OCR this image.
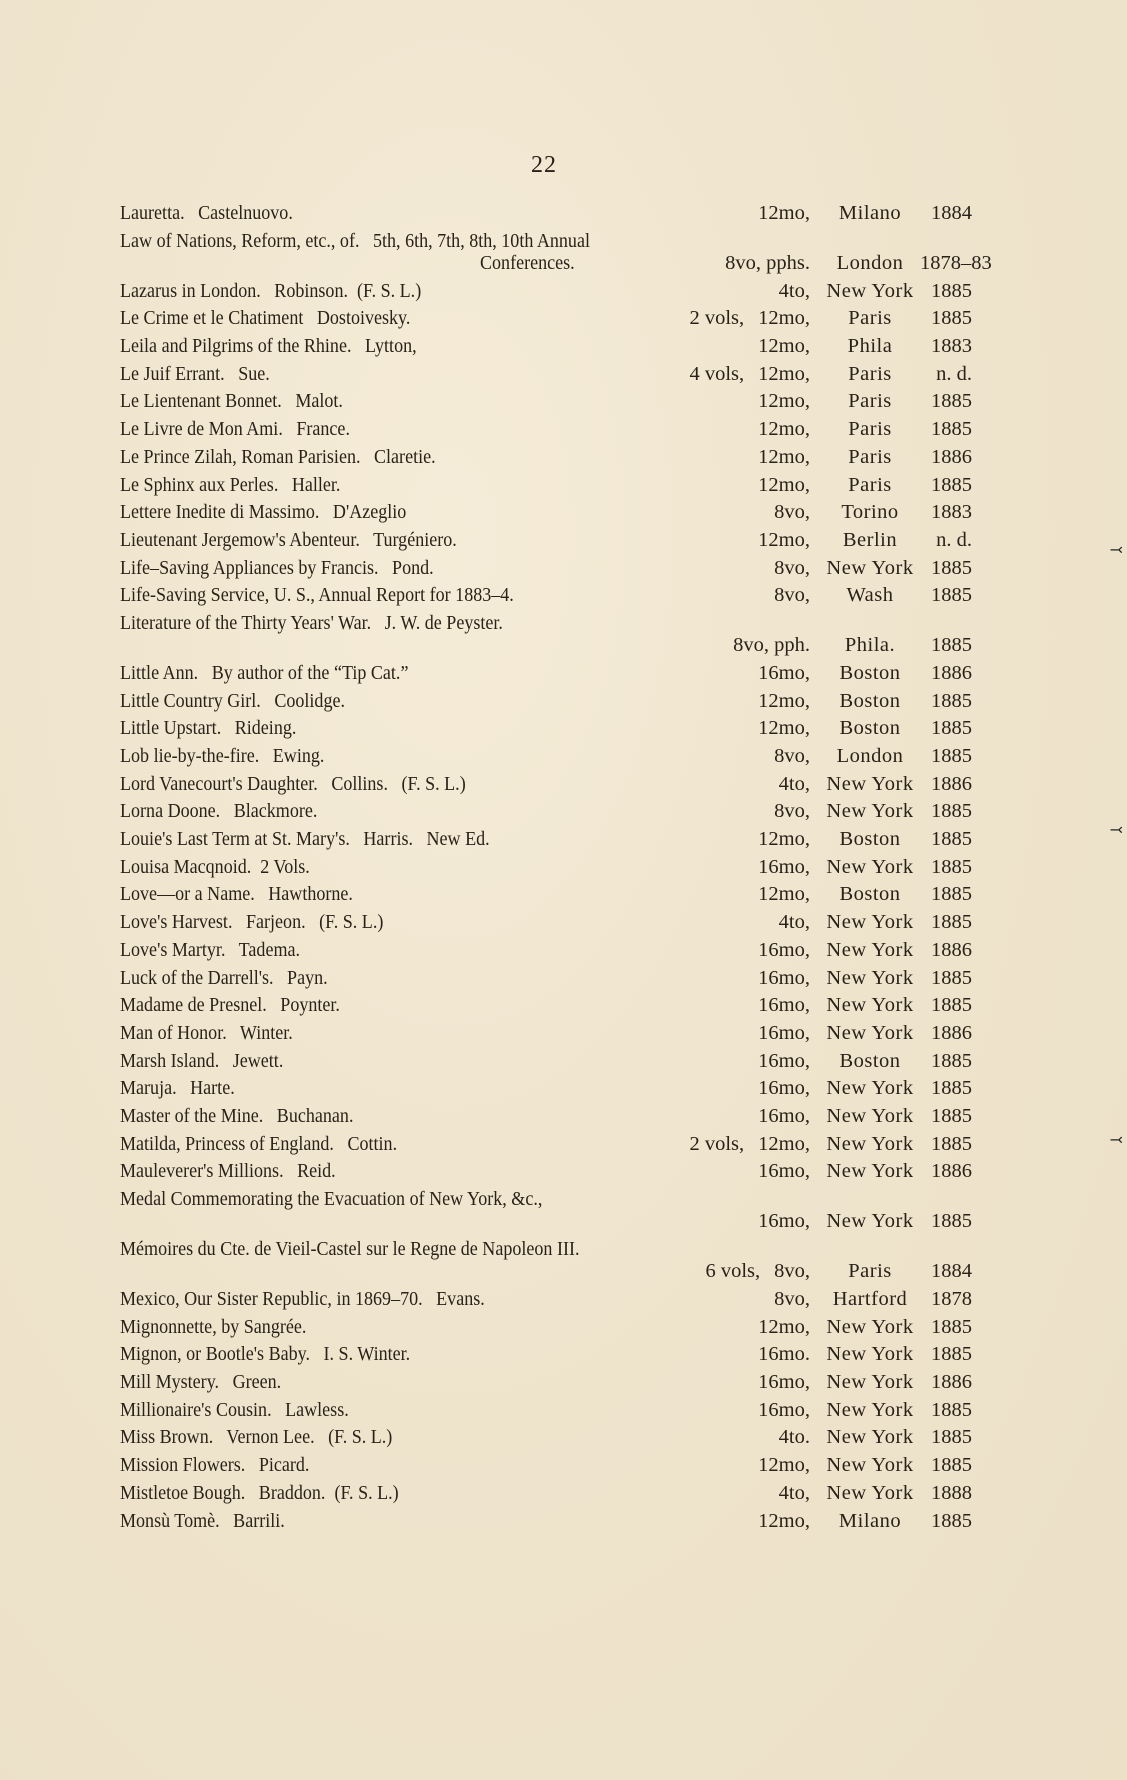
22
Lauretta.   Castelnuovo.	12mo,	Milano	1884
Law of Nations, Reform, etc., of.   5th, 6th, 7th, 8th, 10th Annual
Conferences.	8vo, pphs.	London 1878–83
Lazarus in London.   Robinson.  (F. S. L.)	4to, New York 1885
Le Crime et le Chatiment   Dostoivesky.	2 vols, 12mo,	Paris	1885
Leila and Pilgrims of the Rhine.   Lytton,	12mo,	Phila	1883
Le Juif Errant.   Sue.	4 vols, 12mo,	Paris	n. d.
Le Lientenant Bonnet.   Malot.	12mo,	Paris	1885
Le Livre de Mon Ami.   France.	12mo,	Paris	1885
Le Prince Zilah, Roman Parisien.   Claretie.	12mo,	Paris	1886
Le Sphinx aux Perles.   Haller.	12mo,	Paris	1885
Lettere Inedite di Massimo.   D'Azeglio	8vo,	Torino	1883
Lieutenant Jergemow's Abenteur.   Turgéniero.	12mo,	Berlin	n. d.
Life–Saving Appliances by Francis.   Pond.	8vo, New York 1885
Life-Saving Service, U. S., Annual Report for 1883–4.	8vo,	Wash	1885
Literature of the Thirty Years' War.   J. W. de Peyster.
8vo, pph.	Phila.	1885
Little Ann.   By author of the “Tip Cat.”	16mo,	Boston	1886
Little Country Girl.   Coolidge.	12mo,	Boston	1885
Little Upstart.   Rideing.	12mo,	Boston	1885
Lob lie-by-the-fire.   Ewing.	8vo,	London	1885
Lord Vanecourt's Daughter.   Collins.   (F. S. L.)	4to, New York 1886
Lorna Doone.   Blackmore.	8vo, New York 1885
Louie's Last Term at St. Mary's.   Harris.   New Ed.	12mo,	Boston	1885
Louisa Macqnoid.  2 Vols.	16mo, New York 1885
Love—or a Name.   Hawthorne.	12mo,	Boston	1885
Love's Harvest.   Farjeon.   (F. S. L.)	4to, New York 1885
Love's Martyr.   Tadema.	16mo, New York 1886
Luck of the Darrell's.   Payn.	16mo, New York 1885
Madame de Presnel.   Poynter.	16mo, New York 1885
Man of Honor.   Winter.	16mo, New York 1886
Marsh Island.   Jewett.	16mo,	Boston	1885
Maruja.   Harte.	16mo, New York 1885
Master of the Mine.   Buchanan.	16mo, New York 1885
Matilda, Princess of England.   Cottin.	2 vols, 12mo, New York 1885
Mauleverer's Millions.   Reid.	16mo, New York 1886
Medal Commemorating the Evacuation of New York, &c.,
16mo, New York 1885
Mémoires du Cte. de Vieil-Castel sur le Regne de Napoleon III.
6 vols, 8vo,	Paris	1884
Mexico, Our Sister Republic, in 1869–70.   Evans.	8vo,	Hartford	1878
Mignonnette, by Sangrée.	12mo, New York 1885
Mignon, or Bootle's Baby.   I. S. Winter.	16mo. New York 1885
Mill Mystery.   Green.	16mo, New York 1886
Millionaire's Cousin.   Lawless.	16mo, New York 1885
Miss Brown.   Vernon Lee.   (F. S. L.)	4to. New York 1885
Mission Flowers.   Picard.	12mo, New York 1885
Mistletoe Bough.   Braddon.  (F. S. L.)	4to, New York 1888
Monsù Tomè.   Barrili.	12mo,	Milano	1885
⤙
⤙
⤙
